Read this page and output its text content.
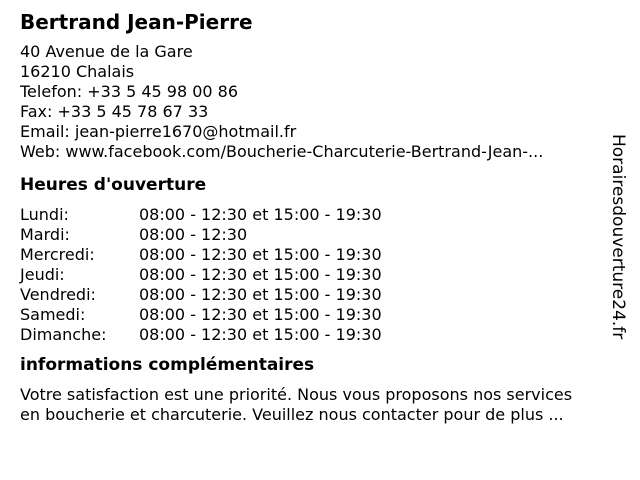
Bertrand Jean-Pierre
40 Avenue de la Gare
16210 Chalais
Telefon: +33 5 45 98 00 86
Fax: +33 5 45 78 67 33
Email: jean-pierre1670@hotmail.fr
Web: www.facebook.com/Boucherie-Charcuterie-Bertrand-Jean-...
Heures d'ouverture
Lundi:	08:00 - 12:30 et 15:00 - 19:30
Mardi:	08:00 - 12:30
Mercredi:	08:00 - 12:30 et 15:00 - 19:30
Jeudi:	08:00 - 12:30 et 15:00 - 19:30
Vendredi:	08:00 - 12:30 et 15:00 - 19:30
Samedi:	08:00 - 12:30 et 15:00 - 19:30
Dimanche: 08:00 - 12:30 et 15:00 - 19:30
informations complémentaires
Votre satisfaction est une priorité. Nous vous proposons nos services
en boucherie et charcuterie. Veuillez nous contacter pour de plus ...
Horairesdouverture24.fr
